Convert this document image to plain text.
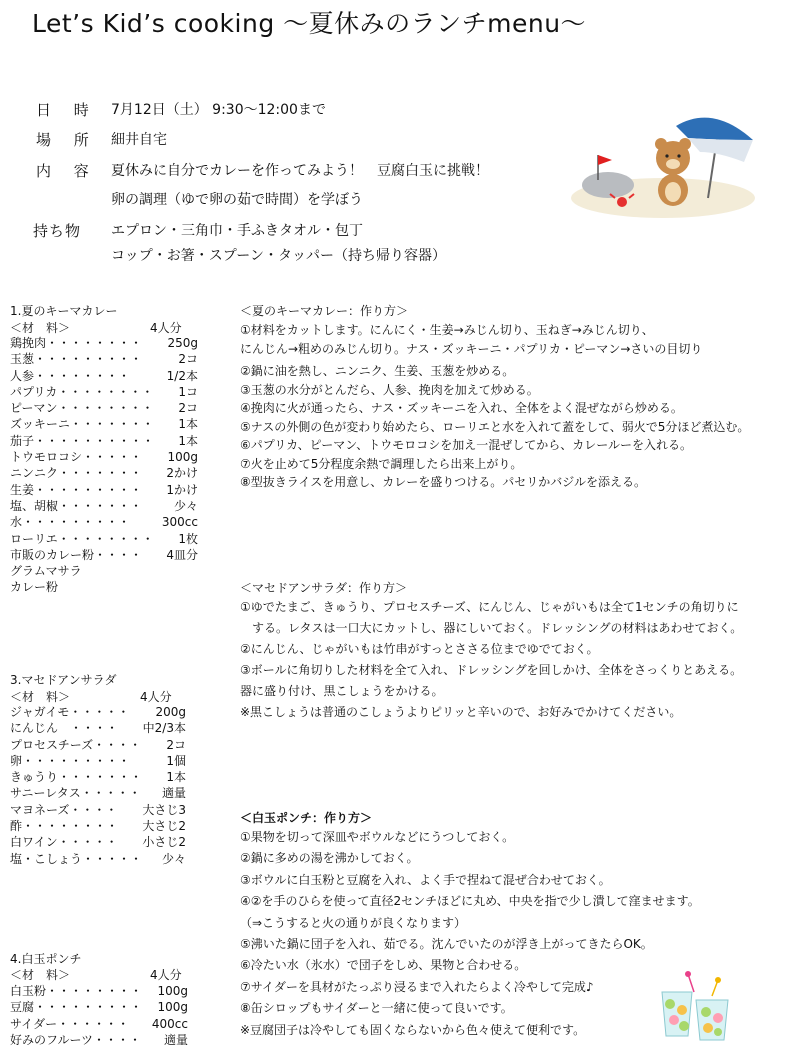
Let’s Kid’s cooking ～夏休みのランチmenu～
日 時 7月12日（土） 9:30～12:00まで
場 所 細井自宅
内 容 夏休みに自分でカレーを作ってみよう！　豆腐白玉に挑戦！
卵の調理（ゆで卵の茹で時間）を学ぼう
持ち物 エプロン・三角巾・手ふきタオル・包丁
コップ・お箸・スプーン・タッパー（持ち帰り容器）
1.夏のキーマカレー
＜材　料＞	4人分
鶏挽肉・・・・・・・・	250g
玉葱・・・・・・・・・	2コ
人参・・・・・・・・	1/2本
パプリカ・・・・・・・・	1コ
ピーマン・・・・・・・・	2コ
ズッキーニ・・・・・・・	1本
茄子・・・・・・・・・・	1本
トウモロコシ・・・・・	100g
ニンニク・・・・・・・	2かけ
生姜・・・・・・・・・	1かけ
塩、胡椒・・・・・・・	少々
水・・・・・・・・・	300cc
ローリエ・・・・・・・・	1枚
市販のカレー粉・・・・	4皿分
グラムマサラ
カレー粉
＜夏のキーマカレー：作り方＞
①材料をカットします。にんにく・生姜→みじん切り、玉ねぎ→みじん切り、
にんじん→粗めのみじん切り。ナス・ズッキーニ・パプリカ・ピーマン→さいの目切り
②鍋に油を熱し、ニンニク、生姜、玉葱を炒める。
③玉葱の水分がとんだら、人参、挽肉を加えて炒める。
④挽肉に火が通ったら、ナス・ズッキーニを入れ、全体をよく混ぜながら炒める。
⑤ナスの外側の色が変わり始めたら、ローリエと水を入れて蓋をして、弱火で5分ほど煮込む。
⑥パプリカ、ピーマン、トウモロコシを加え一混ぜしてから、カレールーを入れる。
⑦火を止めて5分程度余熱で調理したら出来上がり。
⑧型抜きライスを用意し、カレーを盛りつける。パセリかバジルを添える。
＜マセドアンサラダ：作り方＞
①ゆでたまご、きゅうり、プロセスチーズ、にんじん、じゃがいもは全て1センチの角切りに
　する。レタスは一口大にカットし、器にしいておく。ドレッシングの材料はあわせておく。
②にんじん、じゃがいもは竹串がすっとささる位までゆでておく。
③ボールに角切りした材料を全て入れ、ドレッシングを回しかけ、全体をさっくりとあえる。
器に盛り付け、黒こしょうをかける。
※黒こしょうは普通のこしょうよりピリッと辛いので、お好みでかけてください。
3.マセドアンサラダ
＜材　料＞	4人分
ジャガイモ・・・・・	200g
にんじん　・・・・	中2/3本
プロセスチーズ・・・・	2コ
卵・・・・・・・・・	1個
きゅうり・・・・・・・	1本
サニーレタス・・・・・	適量
マヨネーズ・・・・	大さじ3
酢・・・・・・・・	大さじ2
白ワイン・・・・・	小さじ2
塩・こしょう・・・・・	少々
＜白玉ポンチ：作り方＞
①果物を切って深皿やボウルなどにうつしておく。
②鍋に多めの湯を沸かしておく。
③ボウルに白玉粉と豆腐を入れ、よく手で捏ねて混ぜ合わせておく。
④②を手のひらを使って直径2センチほどに丸め、中央を指で少し潰して窪ませます。
（⇒こうすると火の通りが良くなります）
⑤沸いた鍋に団子を入れ、茹でる。沈んでいたのが浮き上がってきたらOK。
⑥冷たい水（氷水）で団子をしめ、果物と合わせる。
⑦サイダーを具材がたっぷり浸るまで入れたらよく冷やして完成♪
⑧缶シロップもサイダーと一緒に使って良いです。
※豆腐団子は冷やしても固くならないから色々使えて便利です。
4.白玉ポンチ
＜材　料＞	4人分
白玉粉・・・・・・・・	100g
豆腐・・・・・・・・・	100g
サイダー・・・・・・	400cc
好みのフルーツ・・・・	適量
